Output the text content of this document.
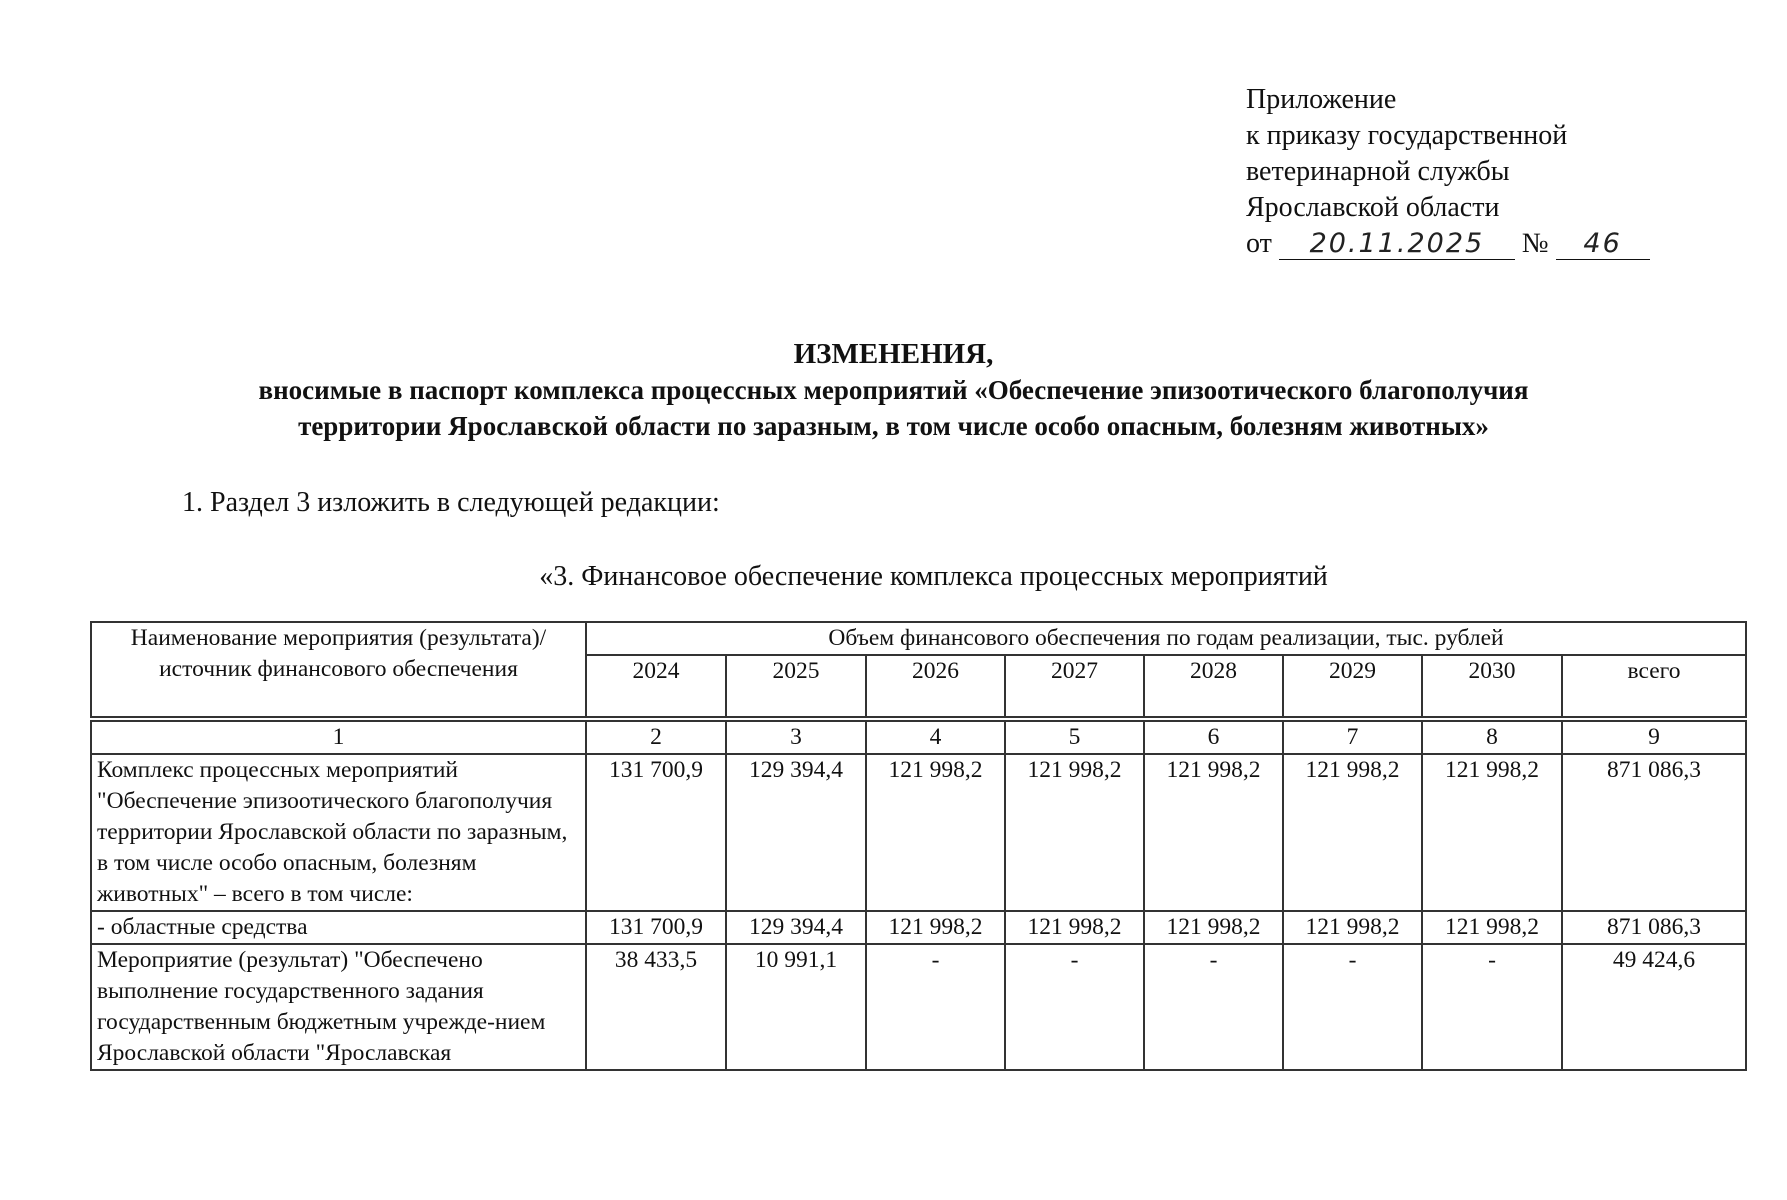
Приложение
к приказу государственной
ветеринарной службы
Ярославской области
от 20.11.2025 № 46
ИЗМЕНЕНИЯ,
вносимые в паспорт комплекса процессных мероприятий «Обеспечение эпизоотического благополучия
территории Ярославской области по заразным, в том числе особо опасным, болезням животных»
1. Раздел 3 изложить в следующей редакции:
«3. Финансовое обеспечение комплекса процессных мероприятий
Наименование мероприятия (результата)/ источник финансового обеспечения	Объем финансового обеспечения по годам реализации, тыс. рублей							
	2024	2025	2026	2027	2028	2029	2030	всего

1	2	3	4	5	6	7	8	9
Комплекс процессных мероприятий "Обеспечение эпизоотического благополучия территории Ярославской области по заразным, в том числе особо опасным, болезням животных" – всего в том числе:	131 700,9	129 394,4	121 998,2	121 998,2	121 998,2	121 998,2	121 998,2	871 086,3
- областные средства	131 700,9	129 394,4	121 998,2	121 998,2	121 998,2	121 998,2	121 998,2	871 086,3
Мероприятие (результат) "Обеспечено выполнение государственного задания государственным бюджетным учрежде-нием Ярославской области "Ярославская	38 433,5	10 991,1	-	-	-	-	-	49 424,6
